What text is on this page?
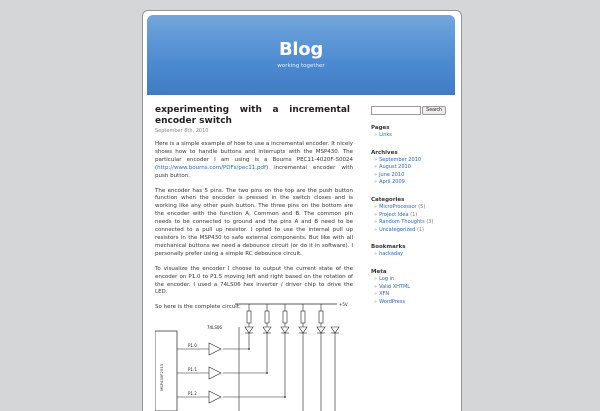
Blog
working together
experimenting with a incremental
encoder switch
September 8th, 2010

Here is a simple example of how to use a incremental encoder. It nicely shows how to handle buttons and interrupts with the MSP430. The particular encoder I am using is a Bourns PEC11-4020F-S0024 (http://www.bourns.com/PDFs/pec11.pdf) incremental encoder with push button.

The encoder has 5 pins. The two pins on the top are the push button function when the encoder is pressed in the switch closes and is working like any other push button. The three pins on the bottom are the encoder with the function A, Common and B. The common pin needs to be connected to ground and the pins A and B need to be connected to a pull up resistor. I opted to use the internal pull up resistors in the MSP430 to safe external components. But like with all mechanical buttons we need a debounce circuit (or do it in software). I personally prefer using a simple RC debounce circuit.

To visualize the encoder I choose to output the current state of the encoder on P1.0 to P1.5 moving left and right based on the rotation of the encoder. I used a 74LS06 hex inverter / driver chip to drive the LED.

So here is the complete circuit:	+5V
74LS06
MSP430F2013
P1.0
P1.1
P1.2
Search
Pages
» Links
Archives
» September 2010
» August 2010
» June 2010
» April 2009
Categories
» MicroProcessor (5)
» Project Idea (1)
» Random Thoughts (3)
» Uncategorized (1)
Bookmarks
» hackaday
Meta
» Log in
» Valid XHTML
» XFN
» WordPress
